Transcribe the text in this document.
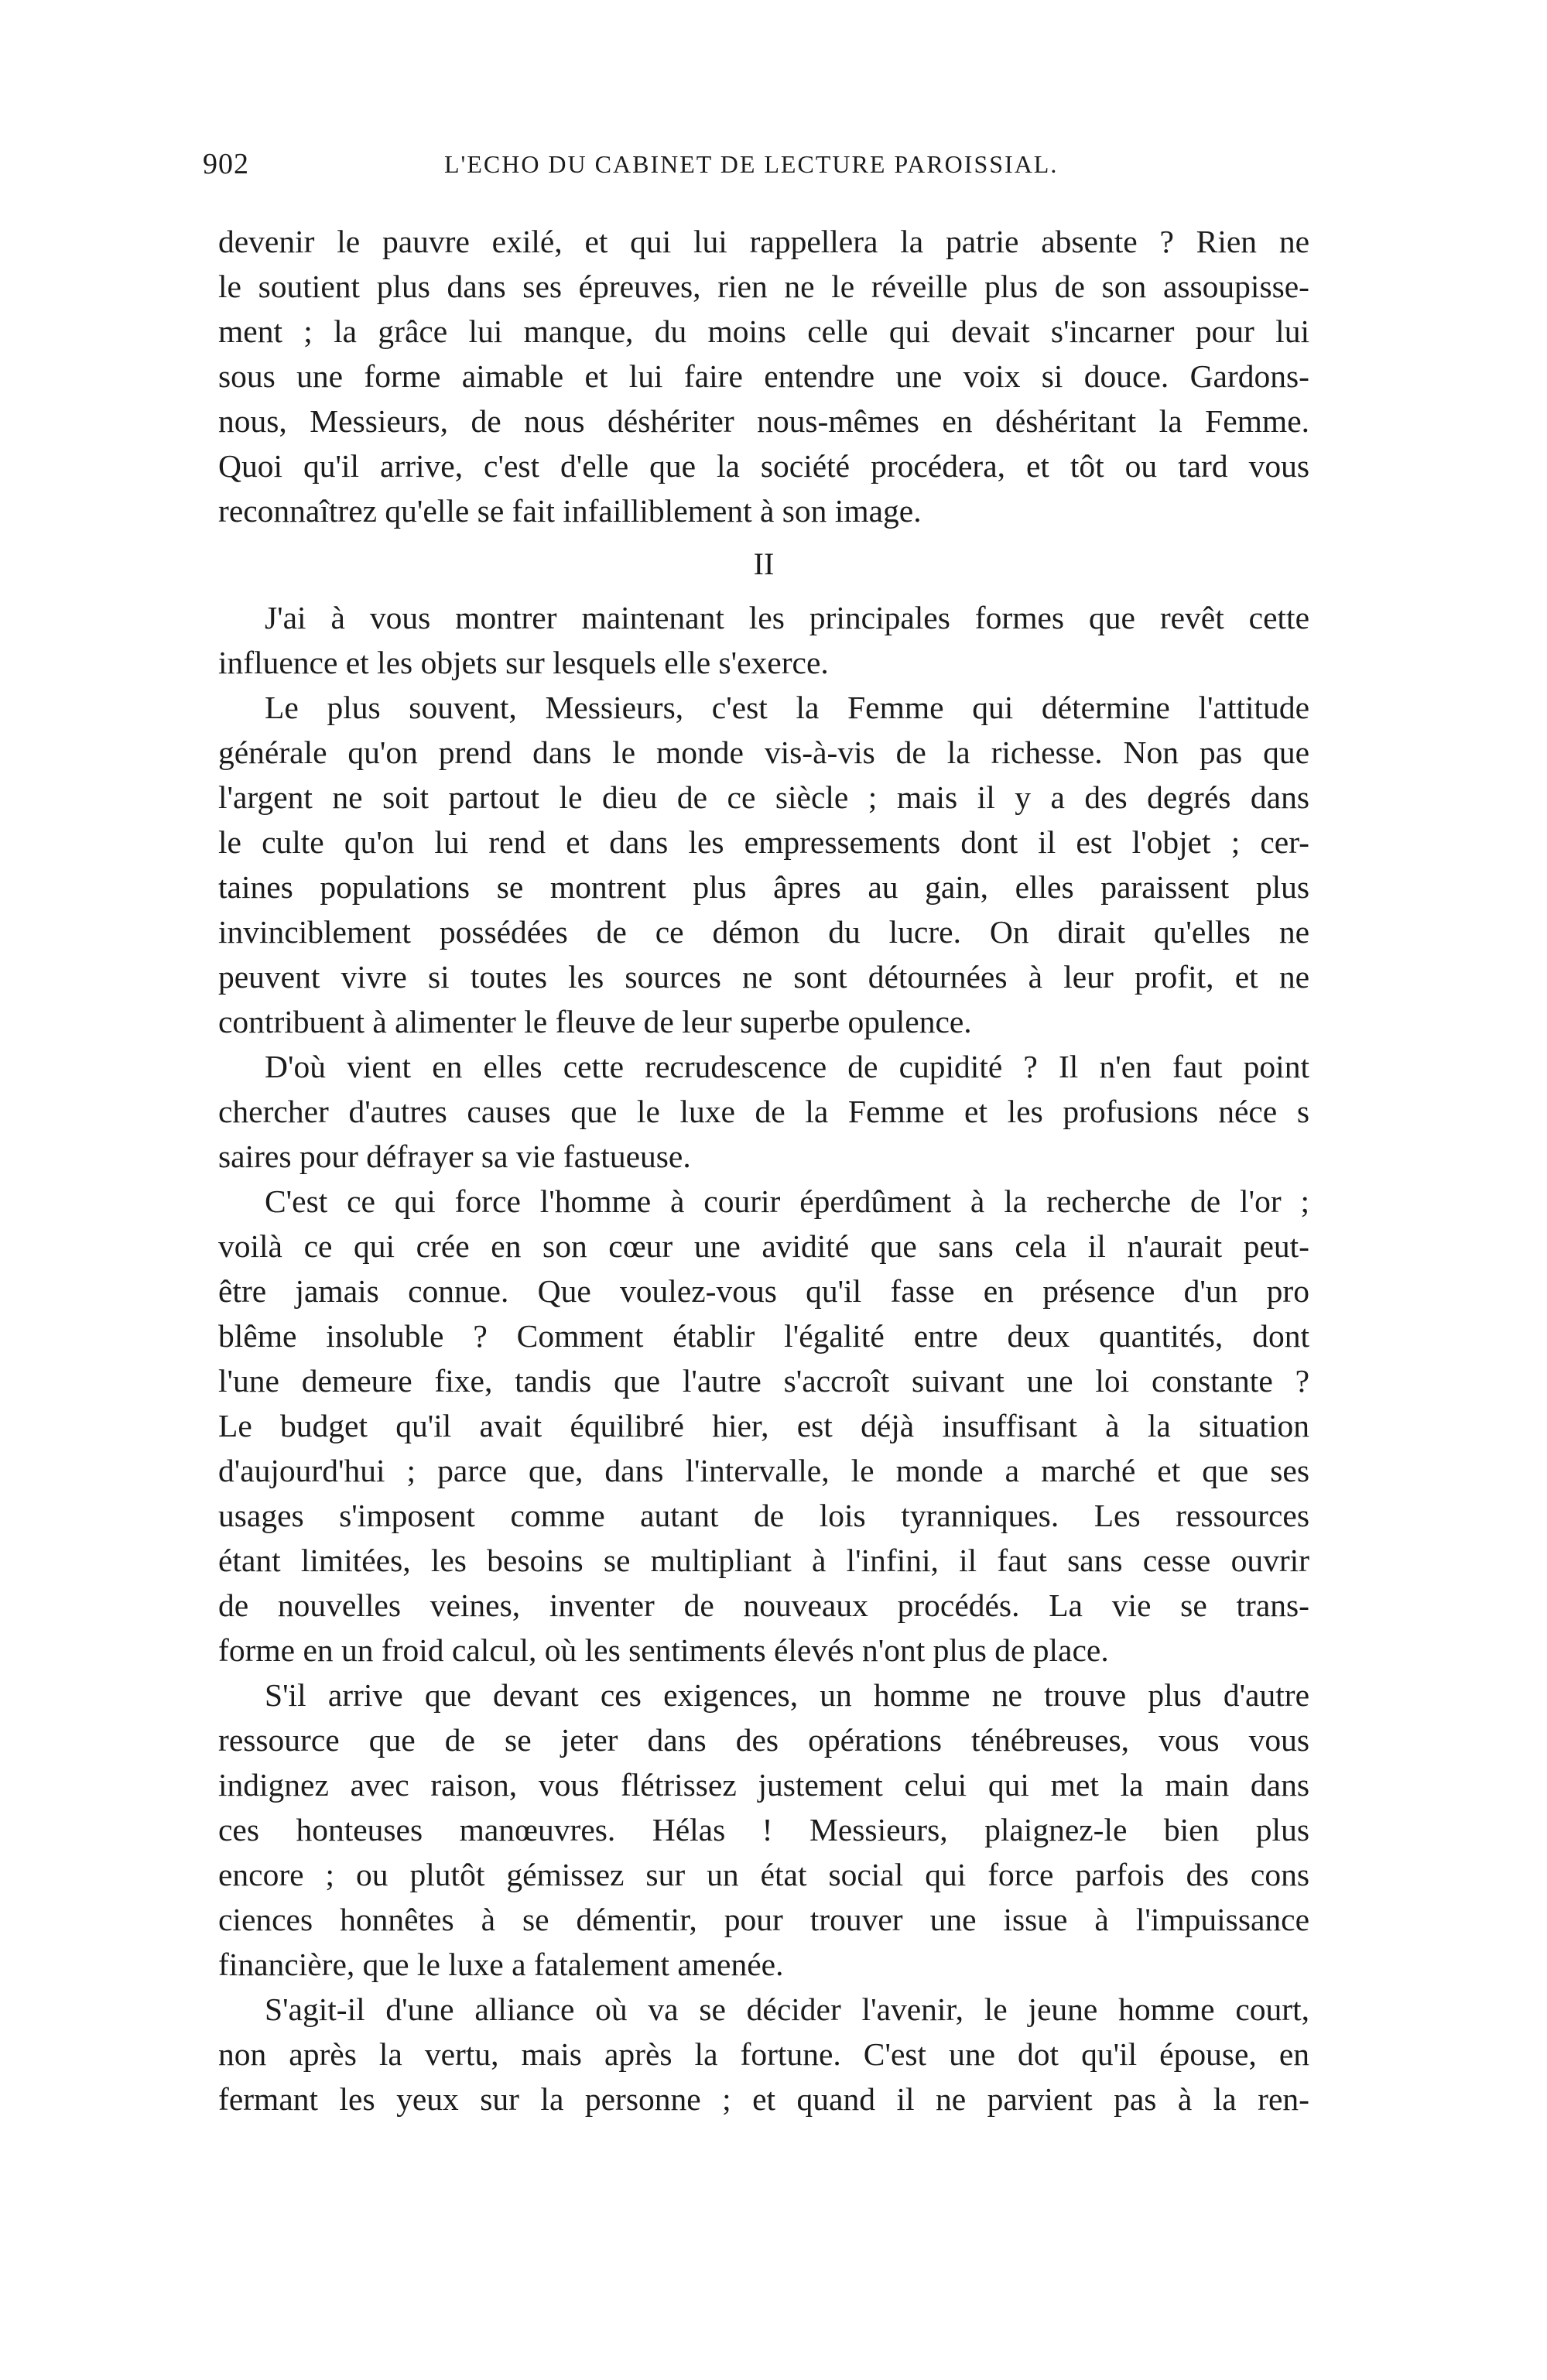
902	L'ECHO DU CABINET DE LECTURE PAROISSIAL.
devenir le pauvre exilé, et qui lui rappellera la patrie absente ? Rien ne
le soutient plus dans ses épreuves, rien ne le réveille plus de son assoupisse-
ment ; la grâce lui manque, du moins celle qui devait s'incarner pour lui
sous une forme aimable et lui faire entendre une voix si douce. Gardons-
nous, Messieurs, de nous déshériter nous-mêmes en déshéritant la Femme.
Quoi qu'il arrive, c'est d'elle que la société procédera, et tôt ou tard vous
reconnaîtrez qu'elle se fait infailliblement à son image.
II
J'ai à vous montrer maintenant les principales formes que revêt cette
influence et les objets sur lesquels elle s'exerce.
Le plus souvent, Messieurs, c'est la Femme qui détermine l'attitude
générale qu'on prend dans le monde vis-à-vis de la richesse. Non pas que
l'argent ne soit partout le dieu de ce siècle ; mais il y a des degrés dans
le culte qu'on lui rend et dans les empressements dont il est l'objet ; cer-
taines populations se montrent plus âpres au gain, elles paraissent plus
invinciblement possédées de ce démon du lucre. On dirait qu'elles ne
peuvent vivre si toutes les sources ne sont détournées à leur profit, et ne
contribuent à alimenter le fleuve de leur superbe opulence.
D'où vient en elles cette recrudescence de cupidité ? Il n'en faut point
chercher d'autres causes que le luxe de la Femme et les profusions néce s
saires pour défrayer sa vie fastueuse.
C'est ce qui force l'homme à courir éperdûment à la recherche de l'or ;
voilà ce qui crée en son cœur une avidité que sans cela il n'aurait peut-
être jamais connue. Que voulez-vous qu'il fasse en présence d'un pro
blême insoluble ? Comment établir l'égalité entre deux quantités, dont
l'une demeure fixe, tandis que l'autre s'accroît suivant une loi constante ?
Le budget qu'il avait équilibré hier, est déjà insuffisant à la situation
d'aujourd'hui ; parce que, dans l'intervalle, le monde a marché et que ses
usages s'imposent comme autant de lois tyranniques. Les ressources
étant limitées, les besoins se multipliant à l'infini, il faut sans cesse ouvrir
de nouvelles veines, inventer de nouveaux procédés. La vie se trans-
forme en un froid calcul, où les sentiments élevés n'ont plus de place.
S'il arrive que devant ces exigences, un homme ne trouve plus d'autre
ressource que de se jeter dans des opérations ténébreuses, vous vous
indignez avec raison, vous flétrissez justement celui qui met la main dans
ces honteuses manœuvres. Hélas ! Messieurs, plaignez-le bien plus
encore ; ou plutôt gémissez sur un état social qui force parfois des cons
ciences honnêtes à se démentir, pour trouver une issue à l'impuissance
financière, que le luxe a fatalement amenée.
S'agit-il d'une alliance où va se décider l'avenir, le jeune homme court,
non après la vertu, mais après la fortune. C'est une dot qu'il épouse, en
fermant les yeux sur la personne ; et quand il ne parvient pas à la ren-
